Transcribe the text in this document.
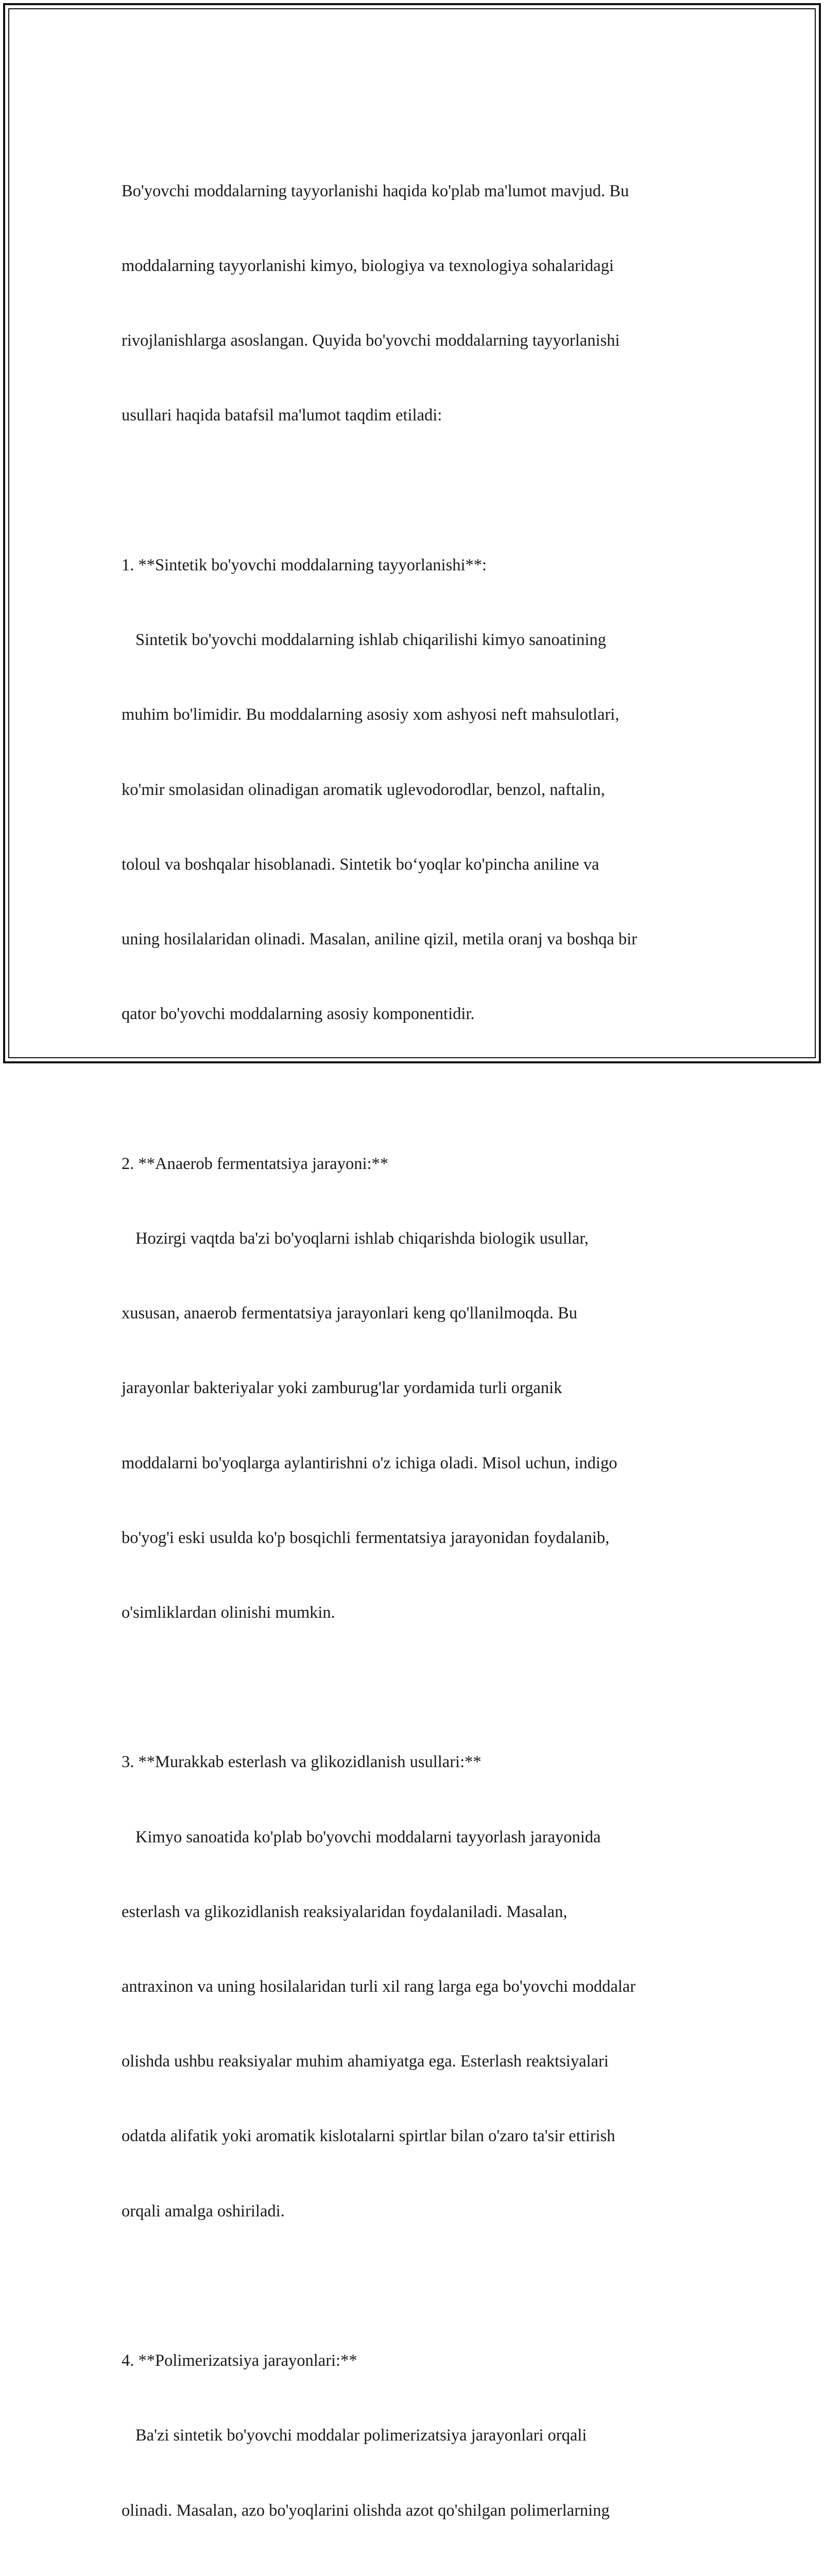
Bo'yovchi moddalarning tayyorlanishi haqida ko'plab ma'lumot mavjud. Bu

moddalarning tayyorlanishi kimyo, biologiya va texnologiya sohalaridagi

rivojlanishlarga asoslangan. Quyida bo'yovchi moddalarning tayyorlanishi

usullari haqida batafsil ma'lumot taqdim etiladi:

1. **Sintetik bo'yovchi moddalarning tayyorlanishi**:

Sintetik bo'yovchi moddalarning ishlab chiqarilishi kimyo sanoatining

muhim bo'limidir. Bu moddalarning asosiy xom ashyosi neft mahsulotlari,

ko'mir smolasidan olinadigan aromatik uglevodorodlar, benzol, naftalin,

toloul va boshqalar hisoblanadi. Sintetik bo‘yoqlar ko'pincha aniline va

uning hosilalaridan olinadi. Masalan, aniline qizil, metila oranj va boshqa bir

qator bo'yovchi moddalarning asosiy komponentidir.

2. **Anaerob fermentatsiya jarayoni:**

Hozirgi vaqtda ba'zi bo'yoqlarni ishlab chiqarishda biologik usullar,

xususan, anaerob fermentatsiya jarayonlari keng qo'llanilmoqda. Bu

jarayonlar bakteriyalar yoki zamburug'lar yordamida turli organik

moddalarni bo'yoqlarga aylantirishni o'z ichiga oladi. Misol uchun, indigo

bo'yog'i eski usulda ko'p bosqichli fermentatsiya jarayonidan foydalanib,

o'simliklardan olinishi mumkin.

3. **Murakkab esterlash va glikozidlanish usullari:**

Kimyo sanoatida ko'plab bo'yovchi moddalarni tayyorlash jarayonida

esterlash va glikozidlanish reaksiyalaridan foydalaniladi. Masalan,

antraxinon va uning hosilalaridan turli xil rang larga ega bo'yovchi moddalar

olishda ushbu reaksiyalar muhim ahamiyatga ega. Esterlash reaktsiyalari

odatda alifatik yoki aromatik kislotalarni spirtlar bilan o'zaro ta'sir ettirish

orqali amalga oshiriladi.

4. **Polimerizatsiya jarayonlari:**

Ba'zi sintetik bo'yovchi moddalar polimerizatsiya jarayonlari orqali

olinadi. Masalan, azo bo'yoqlarini olishda azot qo'shilgan polimerlarning
